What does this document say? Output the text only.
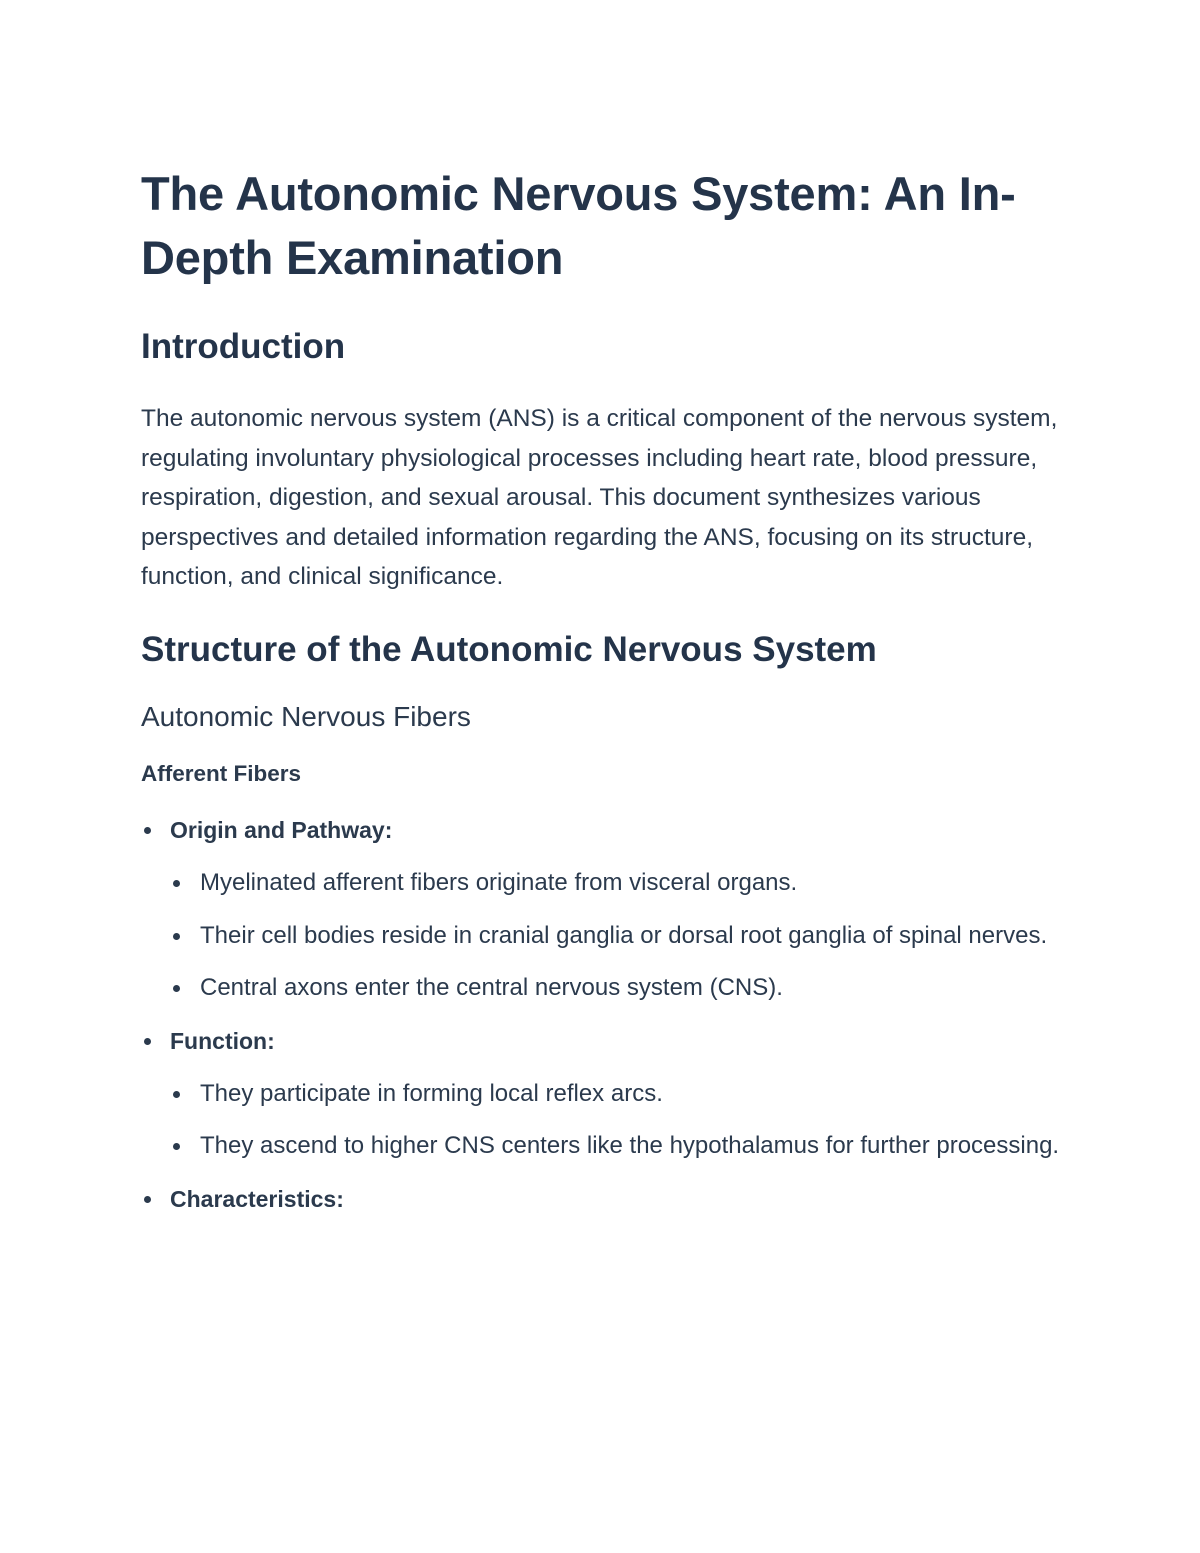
The Autonomic Nervous System: An In-Depth Examination
Introduction

The autonomic nervous system (ANS) is a critical component of the nervous system, regulating involuntary physiological processes including heart rate, blood pressure, respiration, digestion, and sexual arousal. This document synthesizes various perspectives and detailed information regarding the ANS, focusing on its structure, function, and clinical significance.

Structure of the Autonomic Nervous System
Autonomic Nervous Fibers
Afferent Fibers
Origin and Pathway:
Myelinated afferent fibers originate from visceral organs.
Their cell bodies reside in cranial ganglia or dorsal root ganglia of spinal nerves.
Central axons enter the central nervous system (CNS).
Function:
They participate in forming local reflex arcs.
They ascend to higher CNS centers like the hypothalamus for further processing.
Characteristics:
